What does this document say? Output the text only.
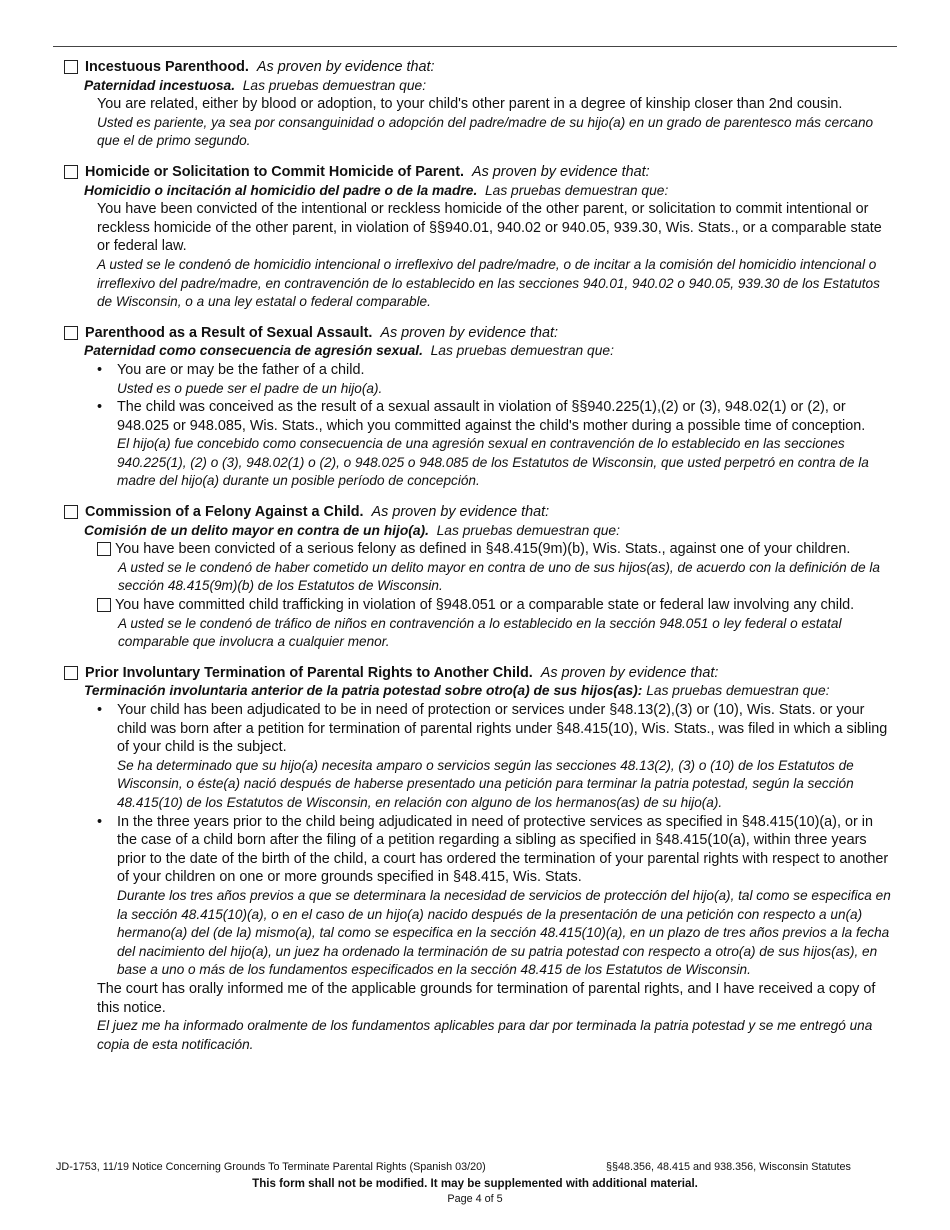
Incestuous Parenthood. As proven by evidence that:
Paternidad incestuosa. Las pruebas demuestran que:
You are related, either by blood or adoption, to your child's other parent in a degree of kinship closer than 2nd cousin.
Usted es pariente, ya sea por consanguinidad o adopción del padre/madre de su hijo(a) en un grado de parentesco más cercano que el de primo segundo.
Homicide or Solicitation to Commit Homicide of Parent. As proven by evidence that:
Homicidio o incitación al homicidio del padre o de la madre. Las pruebas demuestran que:
You have been convicted of the intentional or reckless homicide of the other parent, or solicitation to commit intentional or reckless homicide of the other parent, in violation of §§940.01, 940.02 or 940.05, 939.30, Wis. Stats., or a comparable state or federal law.
A usted se le condenó de homicidio intencional o irreflexivo del padre/madre, o de incitar a la comisión del homicidio intencional o irreflexivo del padre/madre, en contravención de lo establecido en las secciones 940.01, 940.02 o 940.05, 939.30 de los Estatutos de Wisconsin, o a una ley estatal o federal comparable.
Parenthood as a Result of Sexual Assault. As proven by evidence that:
Paternidad como consecuencia de agresión sexual. Las pruebas demuestran que:
• You are or may be the father of a child.
Usted es o puede ser el padre de un hijo(a).
• The child was conceived as the result of a sexual assault in violation of §§940.225(1),(2) or (3), 948.02(1) or (2), or 948.025 or 948.085, Wis. Stats., which you committed against the child's mother during a possible time of conception.
El hijo(a) fue concebido como consecuencia de una agresión sexual en contravención de lo establecido en las secciones 940.225(1), (2) o (3), 948.02(1) o (2), o 948.025 o 948.085 de los Estatutos de Wisconsin, que usted perpetró en contra de la madre del hijo(a) durante un posible período de concepción.
Commission of a Felony Against a Child. As proven by evidence that:
Comisión de un delito mayor en contra de un hijo(a). Las pruebas demuestran que:
You have been convicted of a serious felony as defined in §48.415(9m)(b), Wis. Stats., against one of your children.
A usted se le condenó de haber cometido un delito mayor en contra de uno de sus hijos(as), de acuerdo con la definición de la sección 48.415(9m)(b) de los Estatutos de Wisconsin.
You have committed child trafficking in violation of §948.051 or a comparable state or federal law involving any child.
A usted se le condenó de tráfico de niños en contravención a lo establecido en la sección 948.051 o ley federal o estatal comparable que involucra a cualquier menor.
Prior Involuntary Termination of Parental Rights to Another Child. As proven by evidence that:
Terminación involuntaria anterior de la patria potestad sobre otro(a) de sus hijos(as): Las pruebas demuestran que:
• Your child has been adjudicated to be in need of protection or services under §48.13(2),(3) or (10), Wis. Stats. or your child was born after a petition for termination of parental rights under §48.415(10), Wis. Stats., was filed in which a sibling of your child is the subject.
Se ha determinado que su hijo(a) necesita amparo o servicios según las secciones 48.13(2), (3) o (10) de los Estatutos de Wisconsin, o éste(a) nació después de haberse presentado una petición para terminar la patria potestad, según la sección 48.415(10) de los Estatutos de Wisconsin, en relación con alguno de los hermanos(as) de su hijo(a).
• In the three years prior to the child being adjudicated in need of protective services as specified in §48.415(10)(a), or in the case of a child born after the filing of a petition regarding a sibling as specified in §48.415(10(a), within three years prior to the date of the birth of the child, a court has ordered the termination of your parental rights with respect to another of your children on one or more grounds specified in §48.415, Wis. Stats.
Durante los tres años previos a que se determinara la necesidad de servicios de protección del hijo(a), tal como se especifica en la sección 48.415(10)(a), o en el caso de un hijo(a) nacido después de la presentación de una petición con respecto a un(a) hermano(a) del (de la) mismo(a), tal como se especifica en la sección 48.415(10)(a), en un plazo de tres años previos a la fecha del nacimiento del hijo(a), un juez ha ordenado la terminación de su patria potestad con respecto a otro(a) de sus hijos(as), en base a uno o más de los fundamentos especificados en la sección 48.415 de los Estatutos de Wisconsin.
The court has orally informed me of the applicable grounds for termination of parental rights, and I have received a copy of this notice.
El juez me ha informado oralmente de los fundamentos aplicables para dar por terminada la patria potestad y se me entregó una copia de esta notificación.
JD-1753, 11/19 Notice Concerning Grounds To Terminate Parental Rights (Spanish 03/20)	§§48.356, 48.415 and 938.356, Wisconsin Statutes
This form shall not be modified. It may be supplemented with additional material.
Page 4 of 5
